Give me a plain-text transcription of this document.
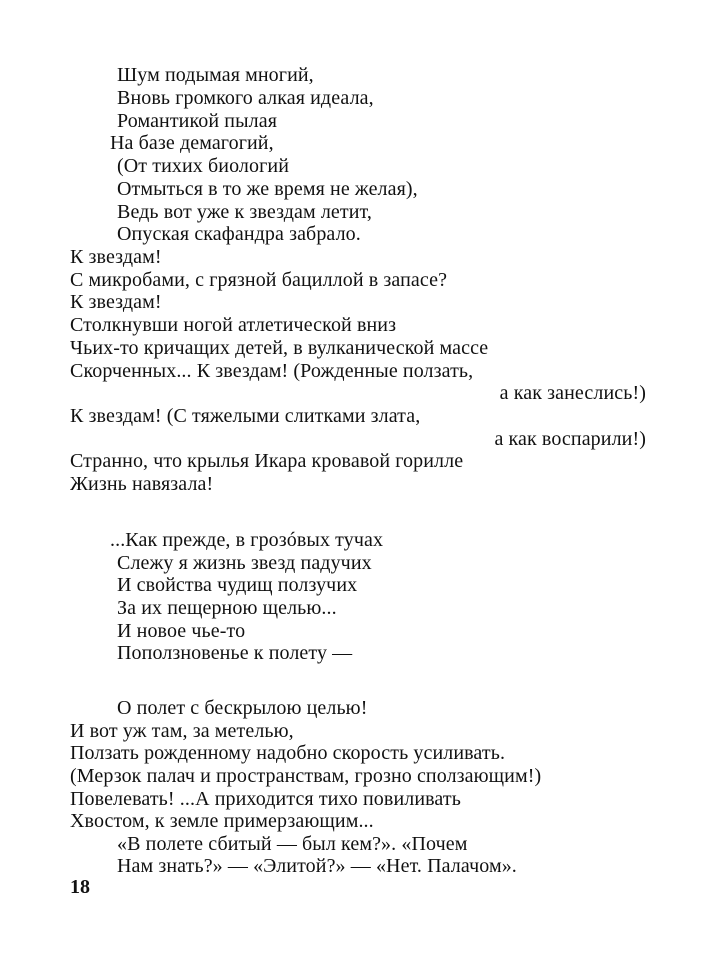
Шум подымая многий,
Вновь громкого алкая идеала,
Романтикой пылая
На базе демагогий,
(От тихих биологий
Отмыться в то же время не желая),
Ведь вот уже к звездам летит,
Опуская скафандра забрало.
К звездам!
С микробами, с грязной бациллой в запасе?
К звездам!
Столкнувши ногой атлетической вниз
Чьих-то кричащих детей, в вулканической массе
Скорченных... К звездам! (Рожденные ползать,
а как занеслись!)
К звездам! (С тяжелыми слитками злата,
а как воспарили!)
Странно, что крылья Икара кровавой горилле
Жизнь навязала!
...Как прежде, в грозóвых тучах
Слежу я жизнь звезд падучих
И свойства чудищ ползучих
За их пещерною щелью...
И новое чье-то
Поползновенье к полету —
О полет с бескрылою целью!
И вот уж там, за метелью,
Ползать рожденному надобно скорость усиливать.
(Мерзок палач и пространствам, грозно сползающим!)
Повелевать! ...А приходится тихо повиливать
Хвостом, к земле примерзающим...
«В полете сбитый — был кем?». «Почем
Нам знать?» — «Элитой?» — «Нет. Палачом».
18
